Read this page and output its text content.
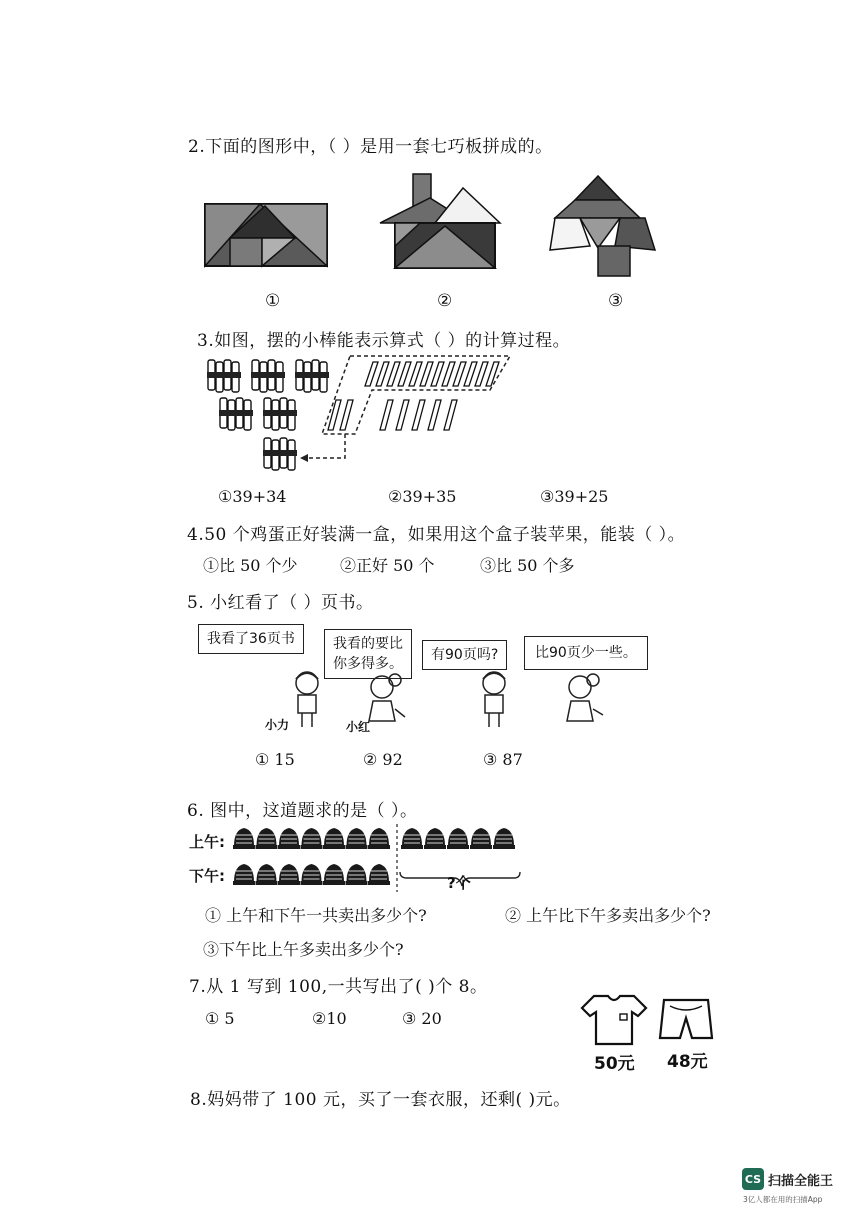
2.下面的图形中，（ ）是用一套七巧板拼成的。
①	②	③
3.如图，摆的小棒能表示算式（ ）的计算过程。
①39+34	②39+35	③39+25
4.50 个鸡蛋正好装满一盒，如果用这个盒子装苹果，能装（ ）。
①比 50 个少	②正好 50 个	③比 50 个多
5. 小红看了（ ）页书。
我看了36页书	我看的要比
你多得多。
有90页吗?	比90页少一些。
小力	小红
① 15	② 92	③ 87
6. 图中，这道题求的是（ ）。
上午:
下午:	?个
① 上午和下午一共卖出多少个?	② 上午比下午多卖出多少个?
③下午比上午多卖出多少个?
7.从 1 写到 100,一共写出了( )个 8。
① 5	②10	③ 20
50元 48元
8.妈妈带了 100 元，买了一套衣服，还剩( )元。
CS 扫描全能王
3亿人都在用的扫描App
